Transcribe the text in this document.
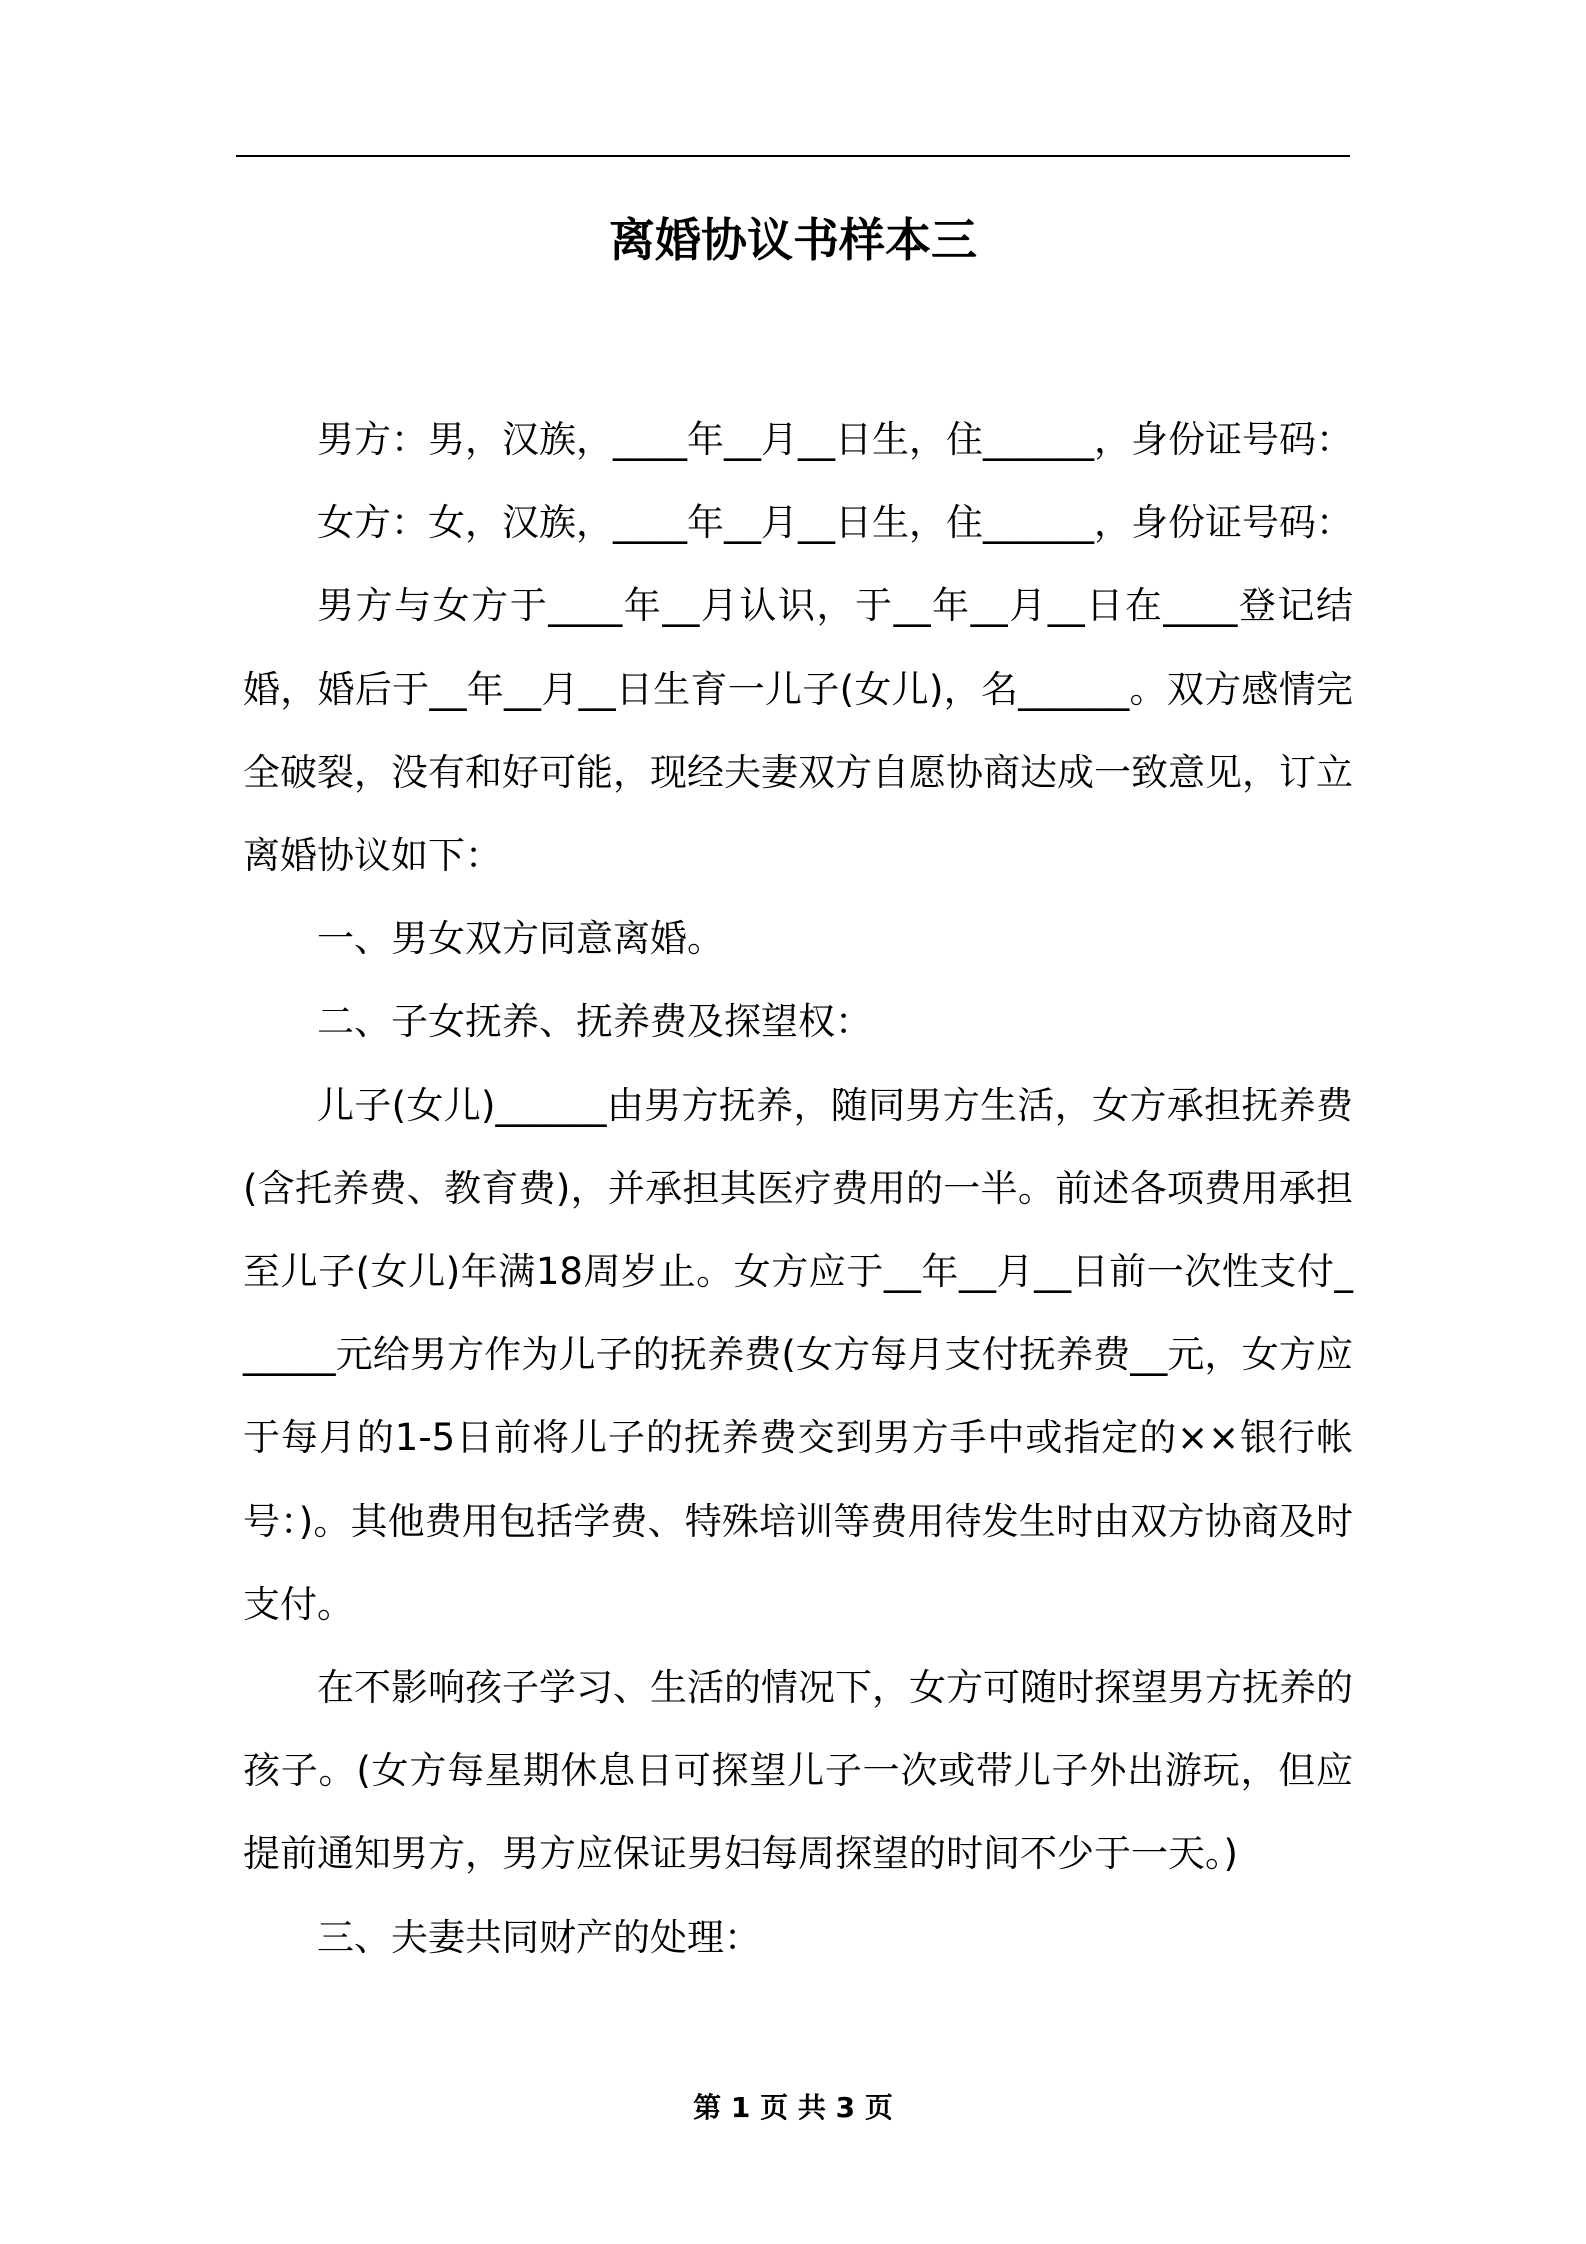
离婚协议书样本三

男方：男，汉族，____年__月__日生，住______，身份证号码：

女方：女，汉族，____年__月__日生，住______，身份证号码：

男方与女方于____年__月认识，于__年__月__日在____登记结婚，婚后于__年__月__日生育一儿子(女儿)，名______。双方感情完全破裂，没有和好可能，现经夫妻双方自愿协商达成一致意见，订立离婚协议如下：

一、男女双方同意离婚。

二、子女抚养、抚养费及探望权：

儿子(女儿)______由男方抚养，随同男方生活，女方承担抚养费(含托养费、教育费)，并承担其医疗费用的一半。前述各项费用承担至儿子(女儿)年满18周岁止。女方应于__年__月__日前一次性支付______元给男方作为儿子的抚养费(女方每月支付抚养费__元，女方应于每月的1-5日前将儿子的抚养费交到男方手中或指定的××银行帐号：)。其他费用包括学费、特殊培训等费用待发生时由双方协商及时支付。

在不影响孩子学习、生活的情况下，女方可随时探望男方抚养的孩子。(女方每星期休息日可探望儿子一次或带儿子外出游玩，但应提前通知男方，男方应保证男妇每周探望的时间不少于一天。)

三、夫妻共同财产的处理：

第 1 页 共 3 页
